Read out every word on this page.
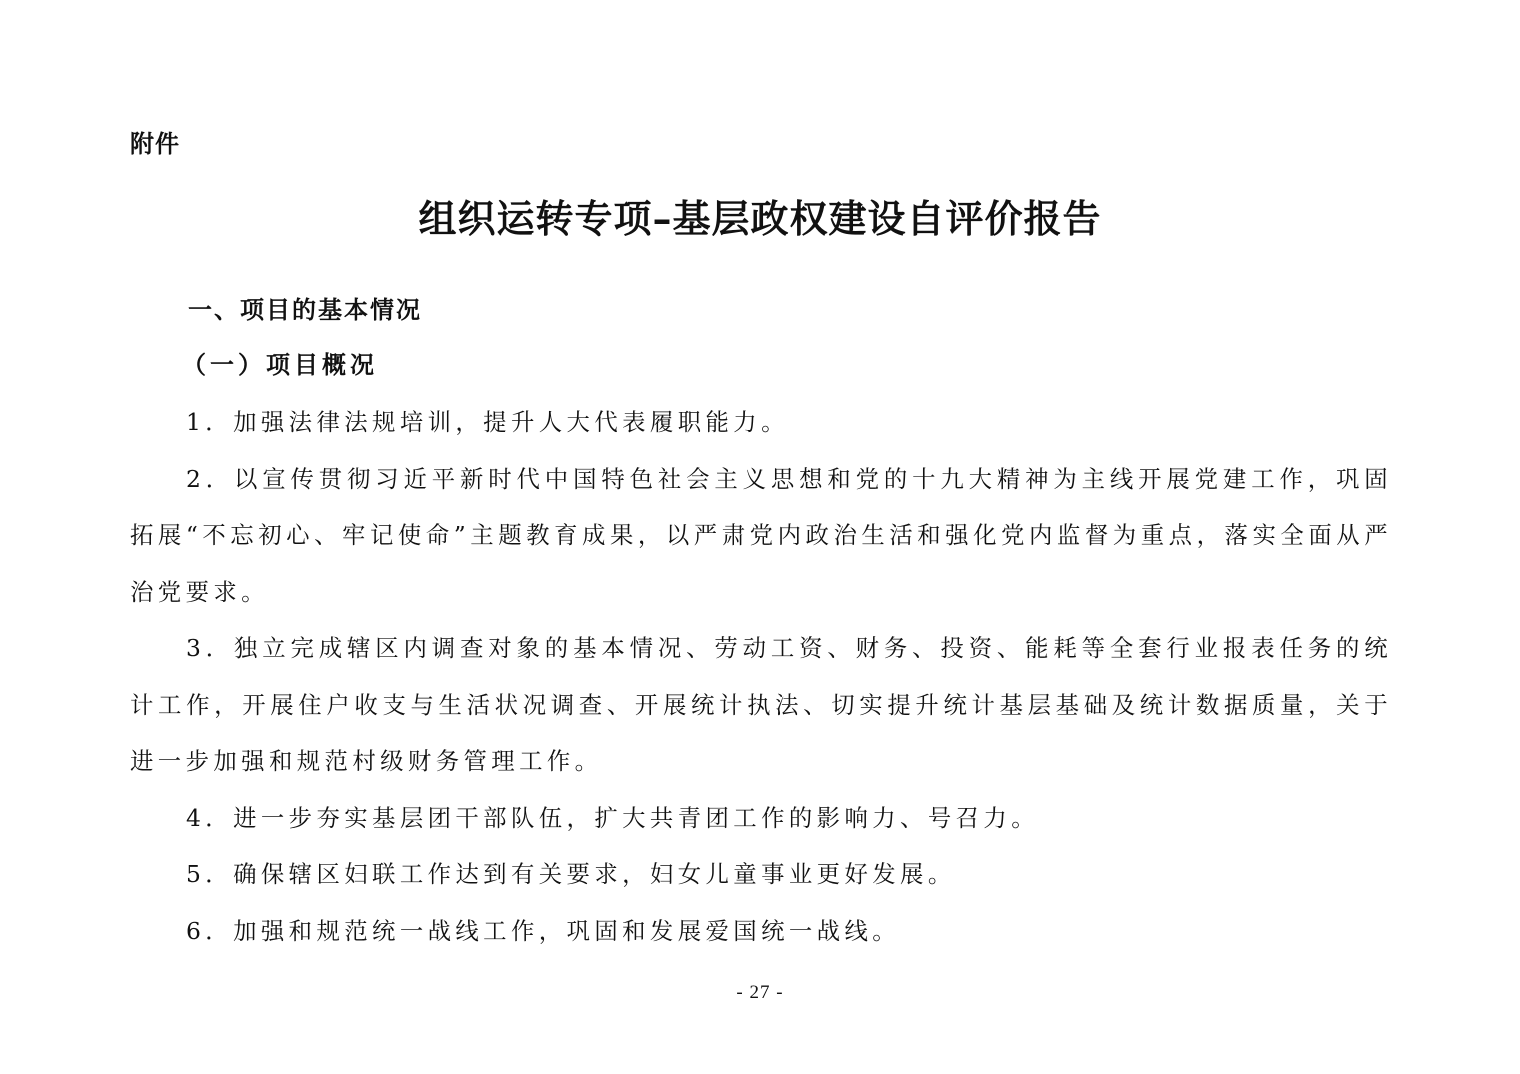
附件
组织运转专项–基层政权建设自评价报告
一、项目的基本情况
（一）项目概况

1．加强法律法规培训，提升人大代表履职能力。

2．以宣传贯彻习近平新时代中国特色社会主义思想和党的十九大精神为主线开展党建工作，巩固拓展“不忘初心、牢记使命”主题教育成果，以严肃党内政治生活和强化党内监督为重点，落实全面从严治党要求。

3．独立完成辖区内调查对象的基本情况、劳动工资、财务、投资、能耗等全套行业报表任务的统计工作，开展住户收支与生活状况调查、开展统计执法、切实提升统计基层基础及统计数据质量，关于进一步加强和规范村级财务管理工作。

4．进一步夯实基层团干部队伍，扩大共青团工作的影响力、号召力。

5．确保辖区妇联工作达到有关要求，妇女儿童事业更好发展。

6．加强和规范统一战线工作，巩固和发展爱国统一战线。

- 27 -
